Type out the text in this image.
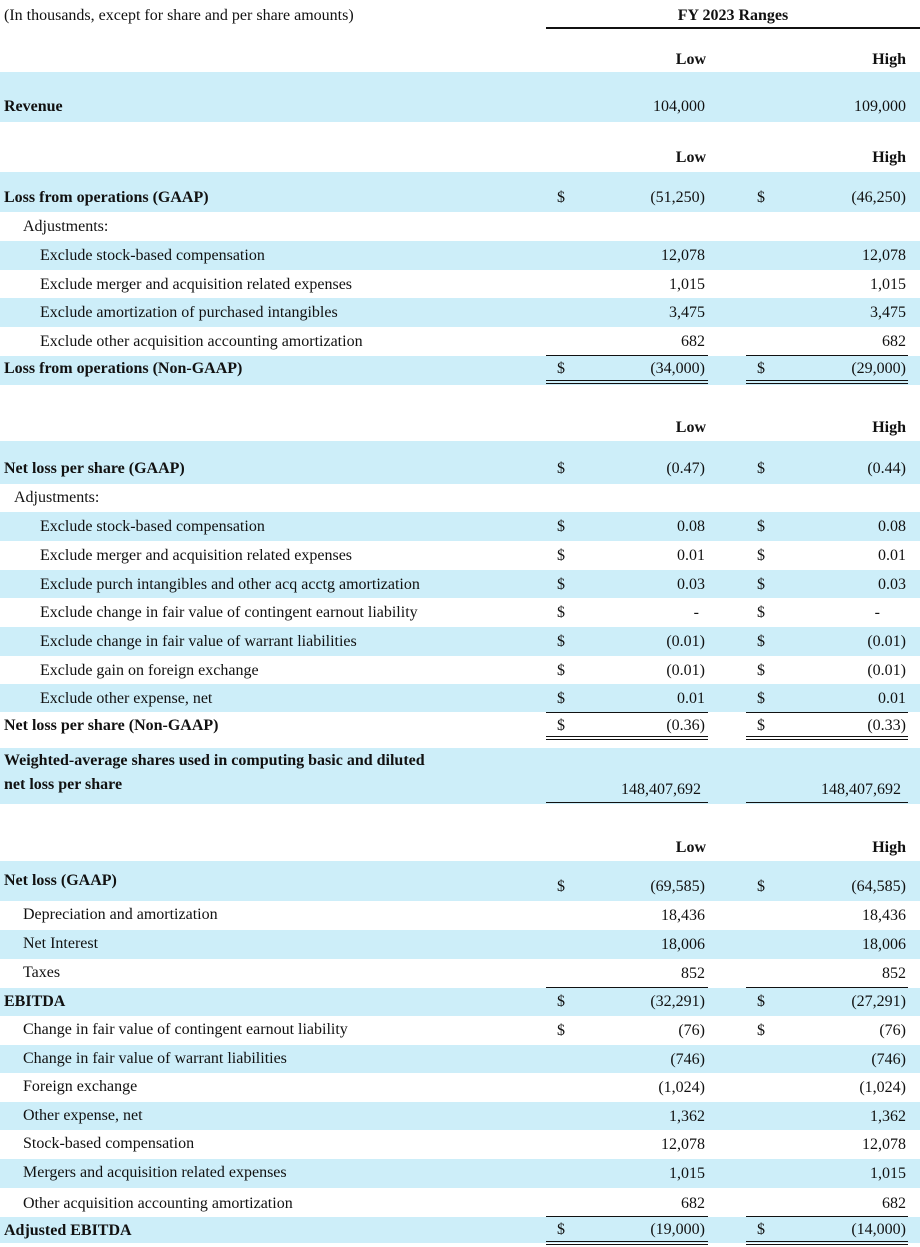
(In thousands, except for share and per share amounts)	FY 2023 Ranges
Low	High
Revenue	104,000	109,000
Low	High
Loss from operations (GAAP)	$	(51,250)	$	(46,250)
Adjustments:
Exclude stock-based compensation	12,078	12,078
Exclude merger and acquisition related expenses	1,015	1,015
Exclude amortization of purchased intangibles	3,475	3,475
Exclude other acquisition accounting amortization	682	682
Loss from operations (Non-GAAP)	$	(34,000)	$	(29,000)
Low	High
Net loss per share (GAAP)	$	(0.47)	$	(0.44)
Adjustments:
Exclude stock-based compensation	$	0.08	$	0.08
Exclude merger and acquisition related expenses	$	0.01	$	0.01
Exclude purch intangibles and other acq acctg amortization	$	0.03	$	0.03
Exclude change in fair value of contingent earnout liability	$	-	$	-
Exclude change in fair value of warrant liabilities	$	(0.01)	$	(0.01)
Exclude gain on foreign exchange	$	(0.01)	$	(0.01)
Exclude other expense, net	$	0.01	$	0.01
Net loss per share (Non-GAAP)	$	(0.36)	$	(0.33)
Weighted-average shares used in computing basic and diluted
net loss per share	148,407,692	148,407,692
Low	High
Net loss (GAAP)	$	(69,585)	$	(64,585)
Depreciation and amortization	18,436	18,436
Net Interest	18,006	18,006
Taxes	852	852
EBITDA	$	(32,291)	$	(27,291)
Change in fair value of contingent earnout liability	$	(76)	$	(76)
Change in fair value of warrant liabilities	(746)	(746)
Foreign exchange	(1,024)	(1,024)
Other expense, net	1,362	1,362
Stock-based compensation	12,078	12,078
Mergers and acquisition related expenses	1,015	1,015
Other acquisition accounting amortization	682	682
Adjusted EBITDA	$	(19,000)	$	(14,000)
